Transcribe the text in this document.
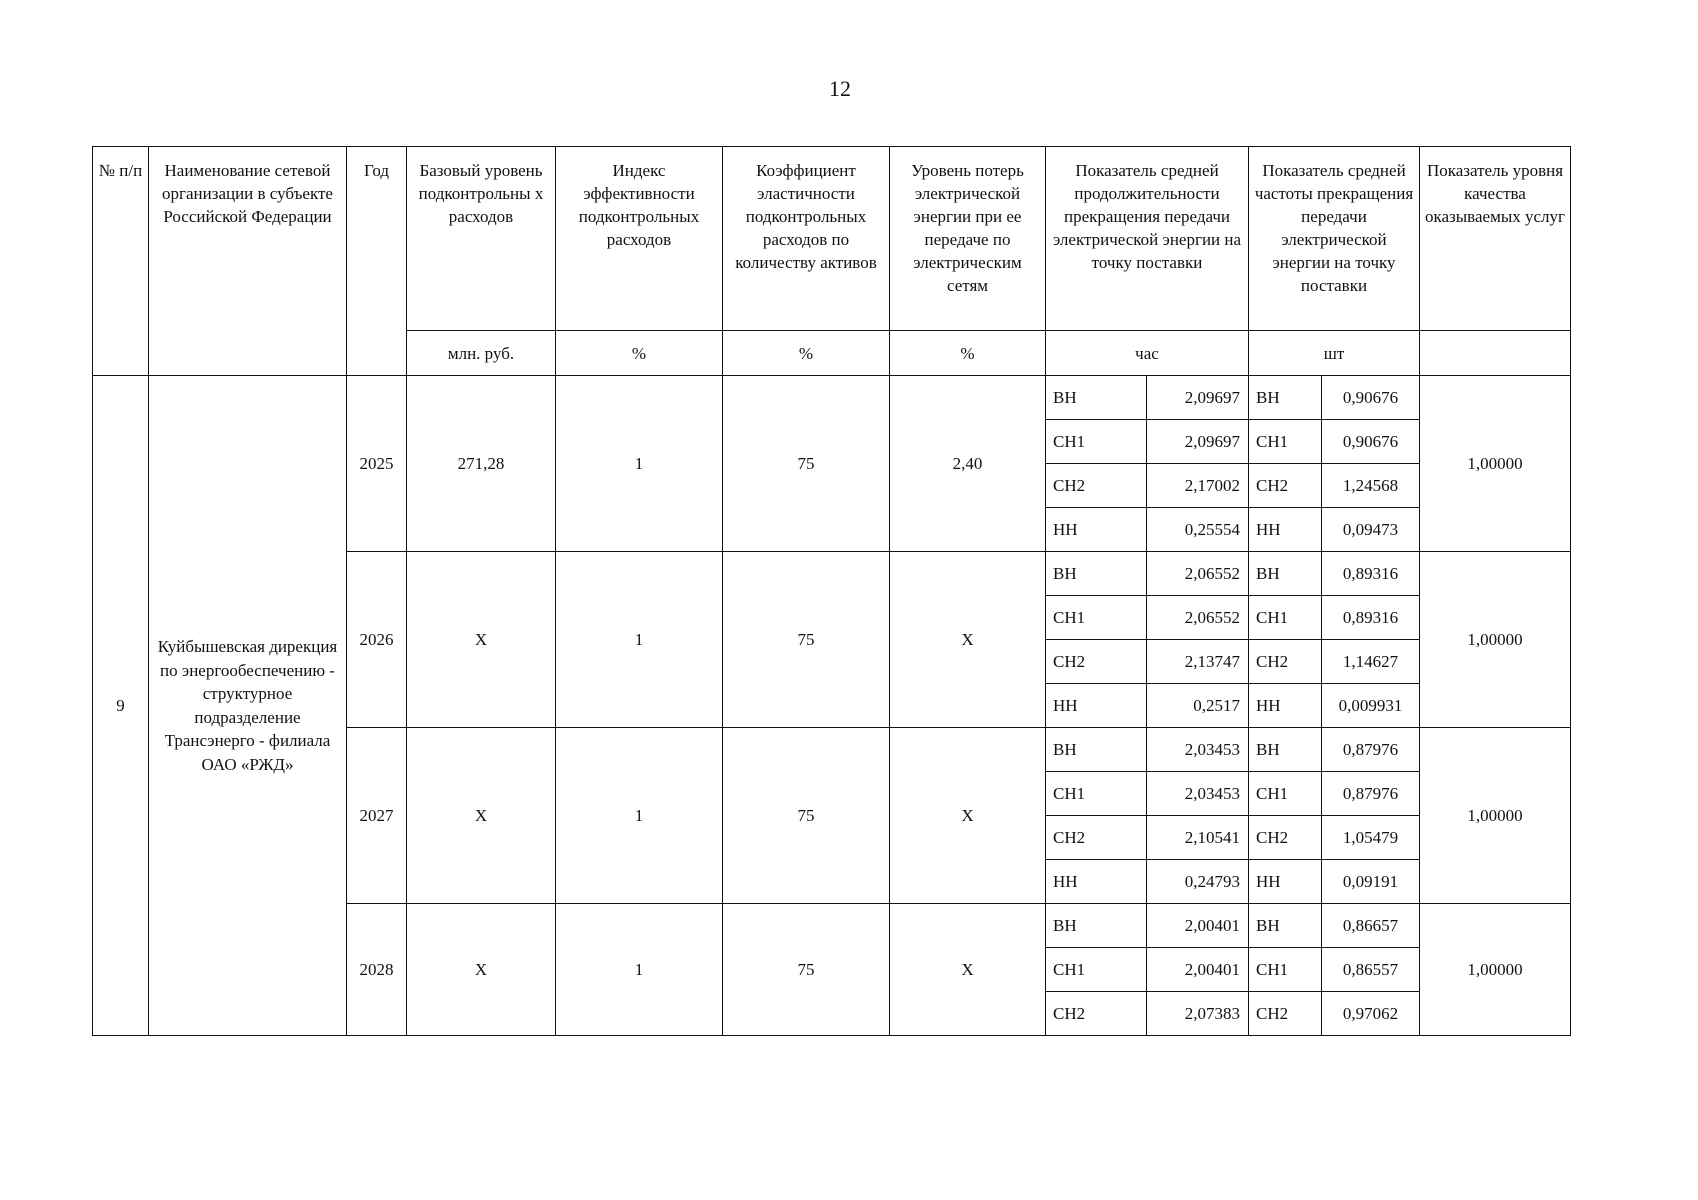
12
№ п/п	Наименование сетевой организации в субъекте Российской Федерации	Год	Базовый уровень подконтрольны х расходов	Индекс эффективности подконтрольных расходов	Коэффициент эластичности подконтрольных расходов по количеству активов	Уровень потерь электрической энергии при ее передаче по электрическим сетям	Показатель средней продолжительности прекращения передачи электрической энергии на точку поставки		Показатель средней частоты прекращения передачи электрической энергии на точку поставки		Показатель уровня качества оказываемых услуг
			млн. руб.	%	%	%	час		шт		
9	Куйбышевская дирекция по энергообеспечению - структурное подразделение Трансэнерго - филиала ОАО «РЖД»	2025	271,28	1	75	2,40	ВН	2,09697	ВН	0,90676	1,00000
							СН1	2,09697	СН1	0,90676	
							СН2	2,17002	СН2	1,24568	
							НН	0,25554	НН	0,09473	
		2026	X	1	75	X	ВН	2,06552	ВН	0,89316	1,00000
							СН1	2,06552	СН1	0,89316	
							СН2	2,13747	СН2	1,14627	
							НН	0,2517	НН	0,009931	
		2027	X	1	75	X	ВН	2,03453	ВН	0,87976	1,00000
							СН1	2,03453	СН1	0,87976	
							СН2	2,10541	СН2	1,05479	
							НН	0,24793	НН	0,09191	
		2028	X	1	75	X	ВН	2,00401	ВН	0,86657	1,00000
							СН1	2,00401	СН1	0,86557	
							СН2	2,07383	СН2	0,97062	
